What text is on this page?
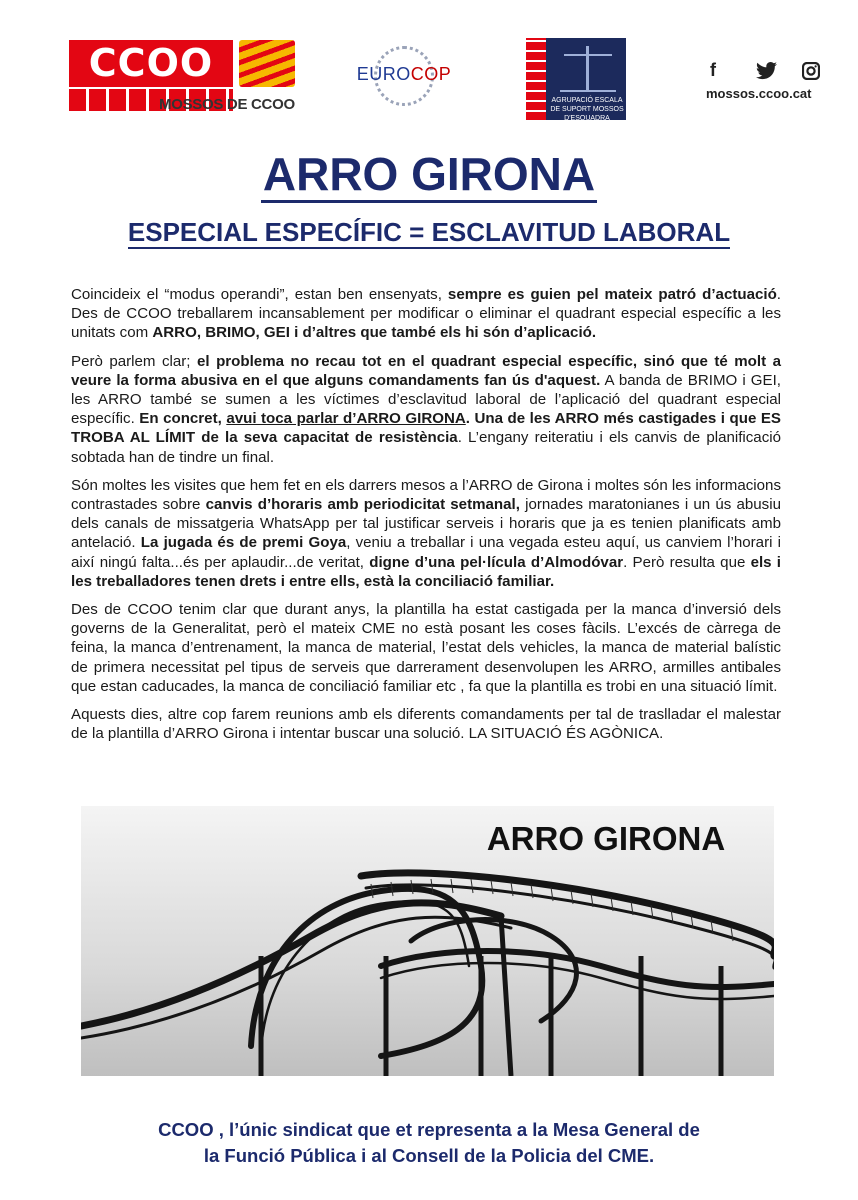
CCOO
MOSSOS DE CCOO
EUROCOP
AGRUPACIÓ ESCALA DE SUPORT MOSSOS D'ESQUADRA
f
mossos.ccoo.cat
ARRO GIRONA
ESPECIAL ESPECÍFIC = ESCLAVITUD LABORAL

Coincideix el “modus operandi”, estan ben ensenyats, sempre es guien pel mateix patró d’actuació. Des de CCOO treballarem incansablement per modificar o eliminar el quadrant especial específic a les unitats com ARRO, BRIMO, GEI i d’altres que també els hi són d’aplicació.

Però parlem clar; el problema no recau tot en el quadrant especial específic, sinó que té molt a veure la forma abusiva en el que alguns comandaments fan ús d'aquest. A banda de BRIMO i GEI, les ARRO també se sumen a les víctimes d’esclavitud laboral de l’aplicació del quadrant especial específic. En concret, avui toca parlar d’ARRO GIRONA. Una de les ARRO més castigades i que ES TROBA AL LÍMIT de la seva capacitat de resistència. L’engany reiteratiu i els canvis de planificació sobtada han de tindre un final.

Són moltes les visites que hem fet en els darrers mesos a l’ARRO de Girona i moltes són les informacions contrastades sobre canvis d’horaris amb periodicitat setmanal, jornades maratonianes i un ús abusiu dels canals de missatgeria WhatsApp per tal justificar serveis i horaris que ja es tenien planificats amb antelació. La jugada és de premi Goya, veniu a treballar i una vegada esteu aquí, us canviem l’horari i així ningú falta...és per aplaudir...de veritat, digne d’una pel·lícula d’Almodóvar. Però resulta que els i les treballadores tenen drets i entre ells, està la conciliació familiar.

Des de CCOO tenim clar que durant anys, la plantilla ha estat castigada per la manca d’inversió dels governs de la Generalitat, però el mateix CME no està posant les coses fàcils. L’excés de càrrega de feina, la manca d’entrenament, la manca de material, l’estat dels vehicles, la manca de material balístic de primera necessitat pel tipus de serveis que darrerament desenvolupen les ARRO, armilles antibales que estan caducades, la manca de conciliació familiar etc , fa que la plantilla es trobi en una situació límit.

Aquests dies, altre cop farem reunions amb els diferents comandaments per tal de traslladar el malestar de la plantilla d’ARRO Girona i intentar buscar una solució. LA SITUACIÓ ÉS AGÒNICA.

ARRO GIRONA
CCOO , l’únic sindicat que et representa a la Mesa General de
la Funció Pública i al Consell de la Policia del CME.
